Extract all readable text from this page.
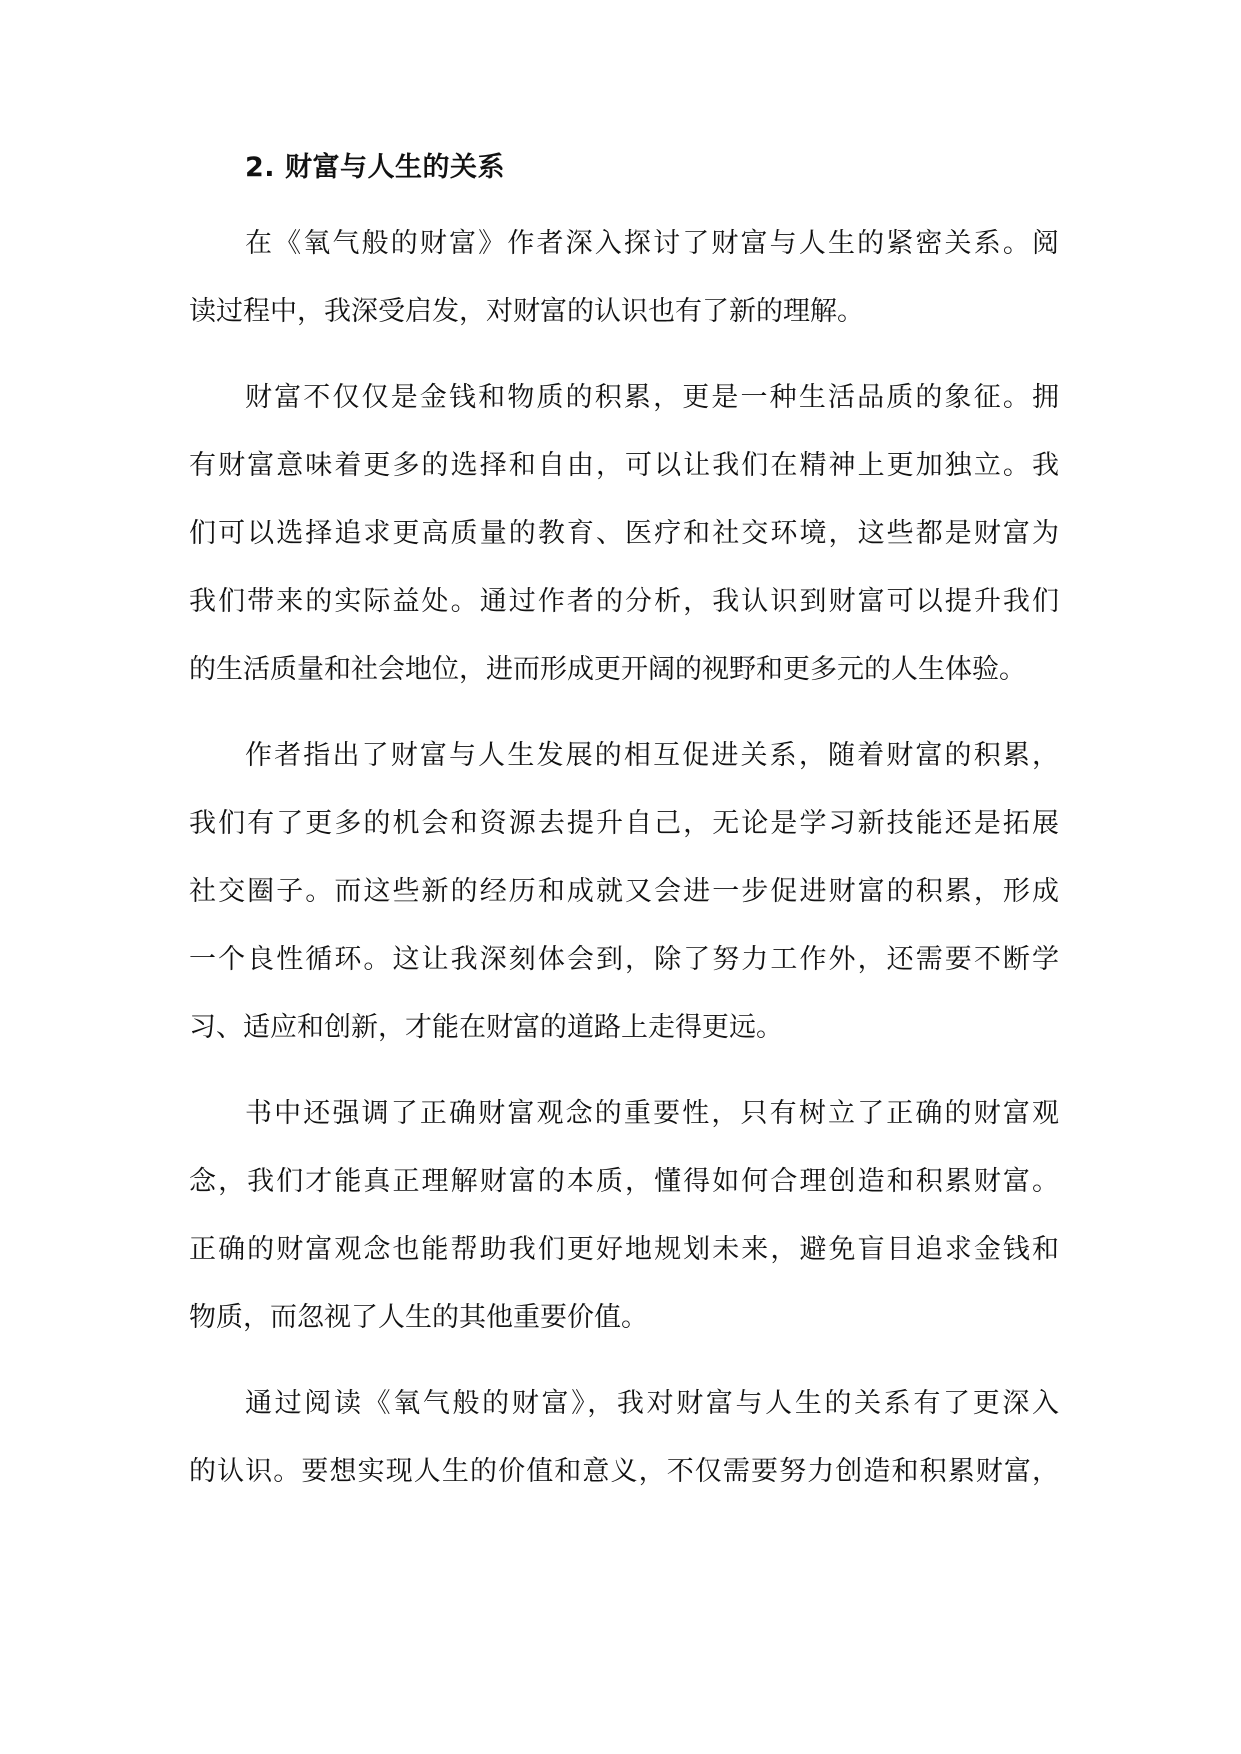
2. 财富与人生的关系
在《氧气般的财富》作者深入探讨了财富与人生的紧密关系。阅
读过程中，我深受启发，对财富的认识也有了新的理解。
财富不仅仅是金钱和物质的积累，更是一种生活品质的象征。拥
有财富意味着更多的选择和自由，可以让我们在精神上更加独立。我
们可以选择追求更高质量的教育、医疗和社交环境，这些都是财富为
我们带来的实际益处。通过作者的分析，我认识到财富可以提升我们
的生活质量和社会地位，进而形成更开阔的视野和更多元的人生体验。
作者指出了财富与人生发展的相互促进关系，随着财富的积累，
我们有了更多的机会和资源去提升自己，无论是学习新技能还是拓展
社交圈子。而这些新的经历和成就又会进一步促进财富的积累，形成
一个良性循环。这让我深刻体会到，除了努力工作外，还需要不断学
习、适应和创新，才能在财富的道路上走得更远。
书中还强调了正确财富观念的重要性，只有树立了正确的财富观
念，我们才能真正理解财富的本质，懂得如何合理创造和积累财富。
正确的财富观念也能帮助我们更好地规划未来，避免盲目追求金钱和
物质，而忽视了人生的其他重要价值。
通过阅读《氧气般的财富》，我对财富与人生的关系有了更深入
的认识。要想实现人生的价值和意义，不仅需要努力创造和积累财富，
